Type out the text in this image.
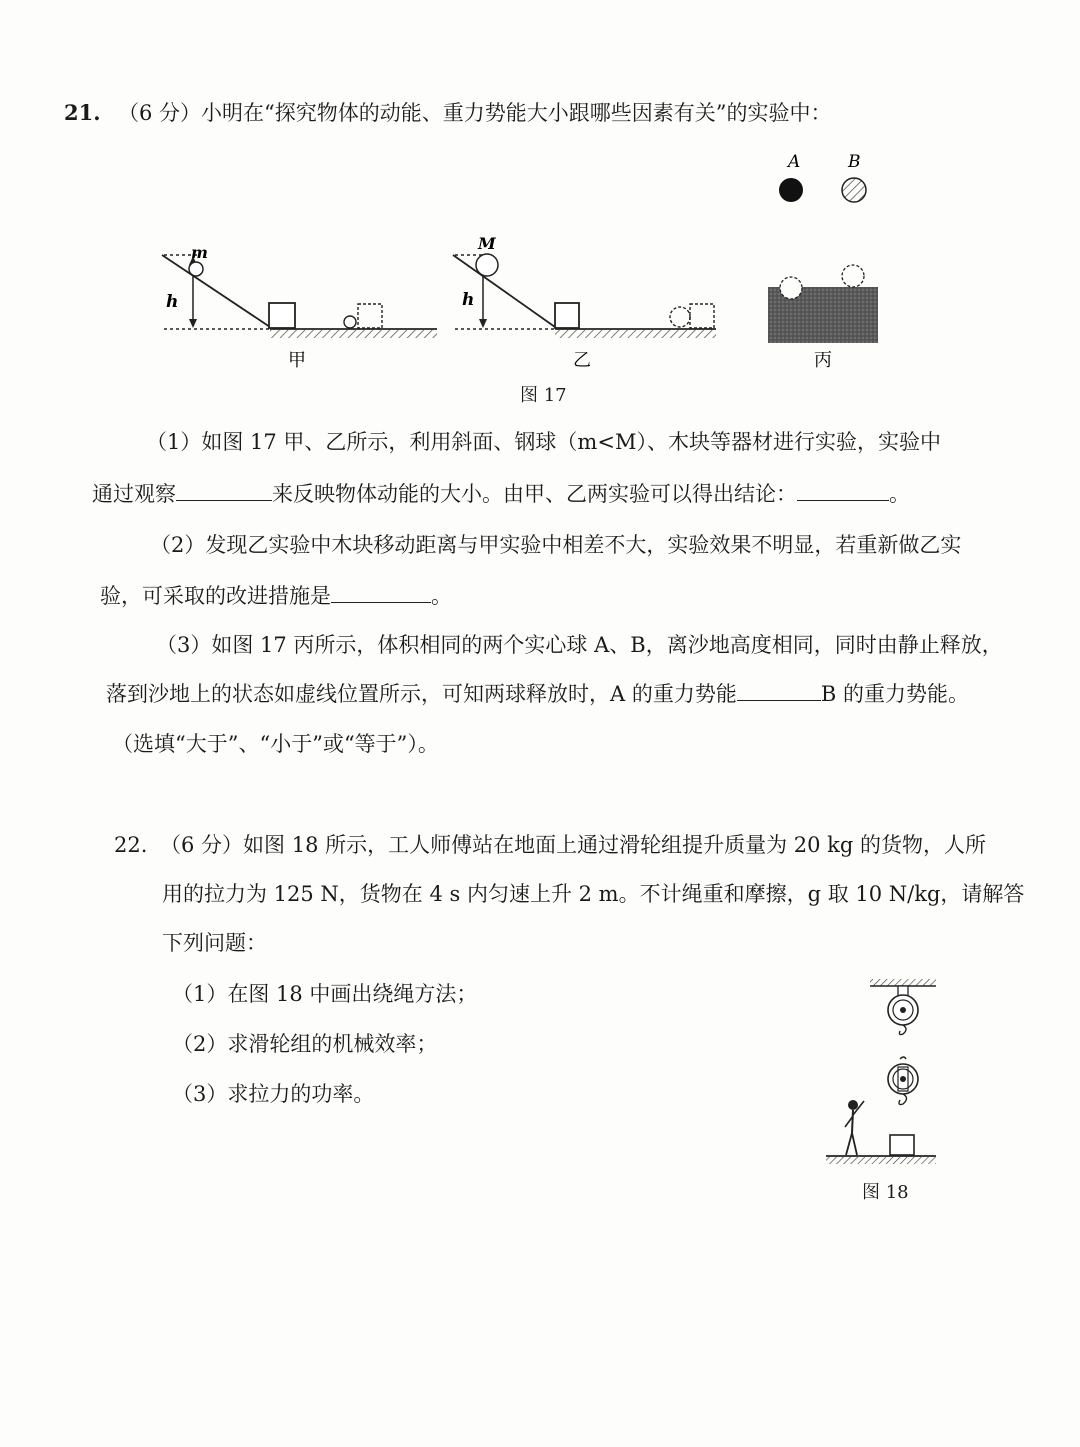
21. （6 分）小明在“探究物体的动能、重力势能大小跟哪些因素有关”的实验中：
A	B
h
m
甲
h
M
乙	丙
图 17
（1）如图 17 甲、乙所示，利用斜面、钢球（m<M）、木块等器材进行实验，实验中
通过观察	来反映物体动能的大小。由甲、乙两实验可以得出结论：	。
（2）发现乙实验中木块移动距离与甲实验中相差不大，实验效果不明显，若重新做乙实
验，可采取的改进措施是	。
（3）如图 17 丙所示，体积相同的两个实心球 A、B，离沙地高度相同，同时由静止释放，
落到沙地上的状态如虚线位置所示，可知两球释放时，A 的重力势能	B 的重力势能。
（选填“大于”、“小于”或“等于”）。
22. （6 分）如图 18 所示，工人师傅站在地面上通过滑轮组提升质量为 20 kg 的货物，人所
用的拉力为 125 N，货物在 4 s 内匀速上升 2 m。不计绳重和摩擦，g 取 10 N/kg，请解答
下列问题：
（1）在图 18 中画出绕绳方法；
（2）求滑轮组的机械效率；
（3）求拉力的功率。
图 18
